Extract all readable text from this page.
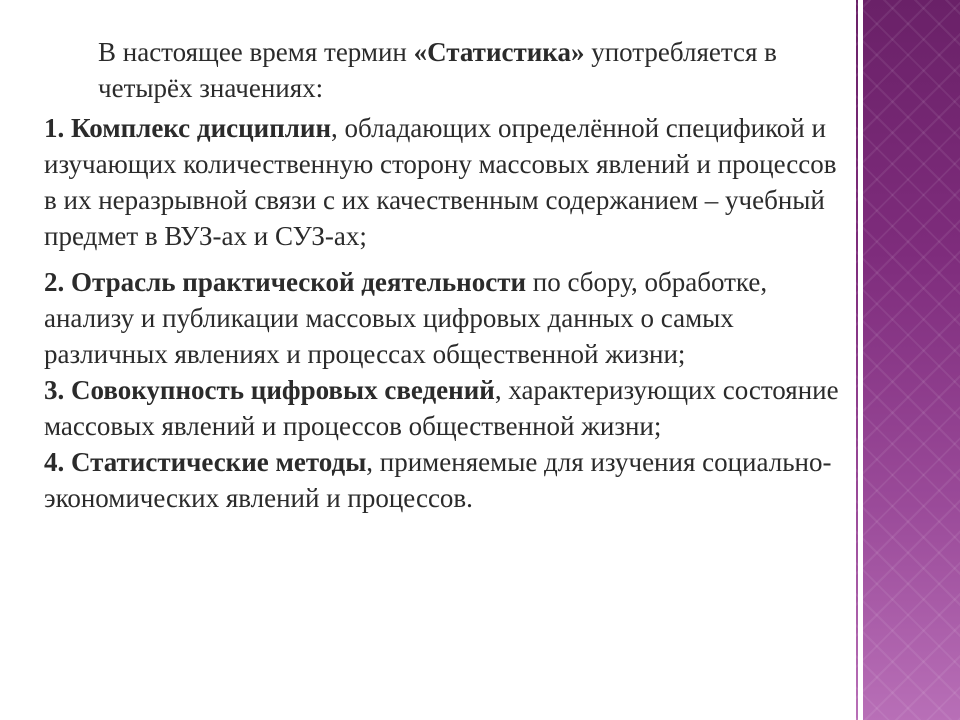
В настоящее время термин «Статистика» употребляется в четырёх значениях:

1. Комплекс дисциплин, обладающих определённой спецификой и изучающих количественную сторону массовых явлений и процессов в их неразрывной связи с их качественным содержанием – учебный предмет в ВУЗ-ах и СУЗ-ах;

2. Отрасль практической деятельности по сбору, обработке, анализу и публикации массовых цифровых данных о самых различных явлениях и процессах общественной жизни;

3. Совокупность цифровых сведений, характеризующих состояние массовых явлений и процессов общественной жизни;

4. Статистические методы, применяемые для изучения социально-экономических явлений и процессов.
